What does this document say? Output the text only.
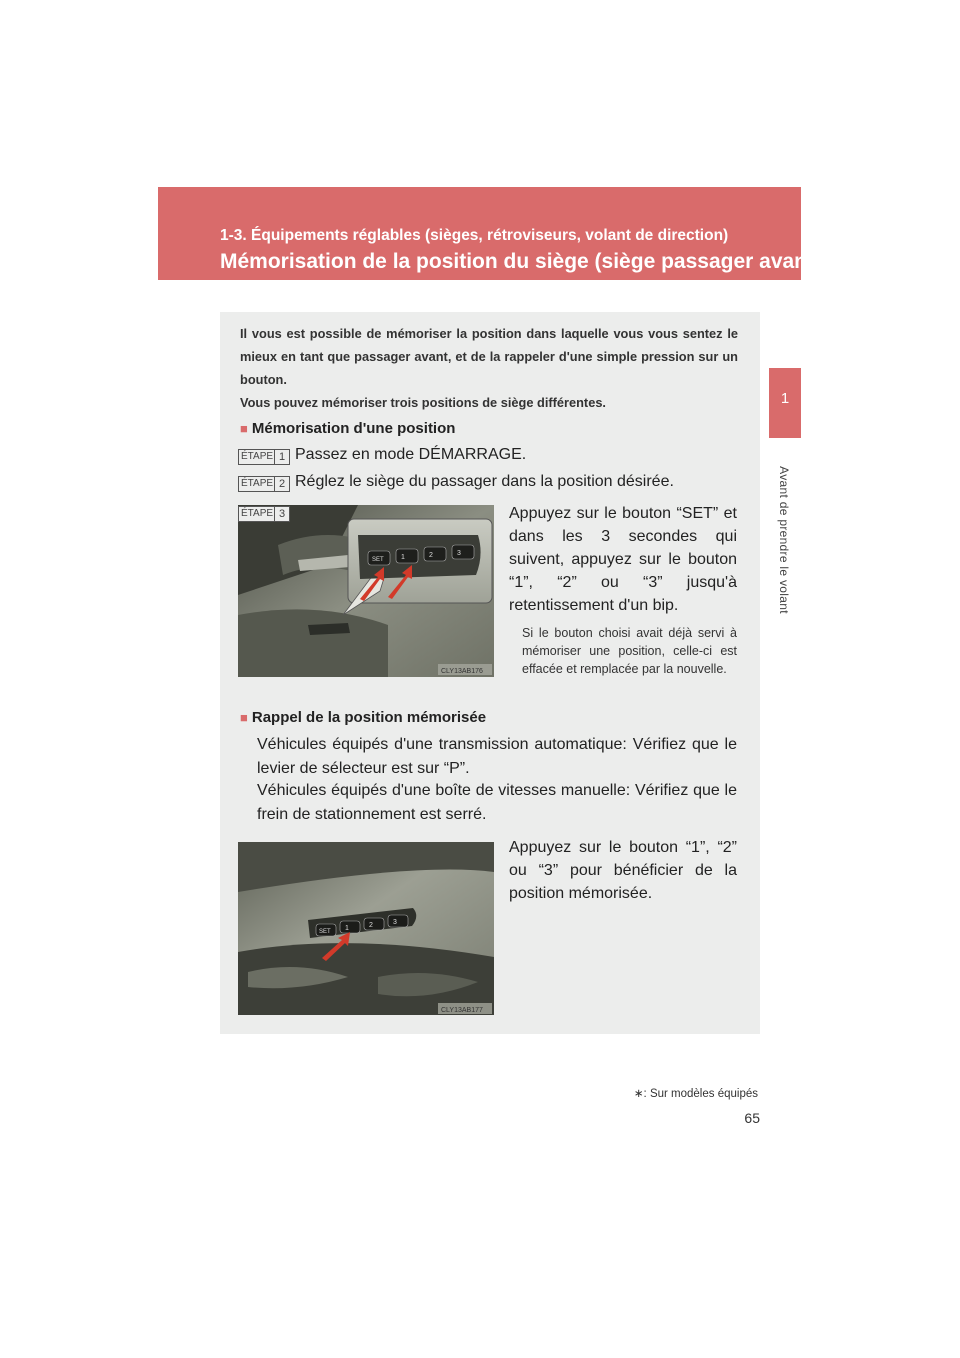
1-3. Équipements réglables (sièges, rétroviseurs, volant de direction)
Mémorisation de la position du siège (siège passager avant) ∗
1
Avant de prendre le volant

Il vous est possible de mémoriser la position dans laquelle vous vous sentez le mieux en tant que passager avant, et de la rappeler d'une simple pression sur un bouton.

Vous pouvez mémoriser trois positions de siège différentes.

■ Mémorisation d'une position
ÉTAPE 1 Passez en mode DÉMARRAGE.
ÉTAPE 2 Réglez le siège du passager dans la position désirée.
SET 1	2	3
CLY13AB176
ÉTAPE 3	Appuyez sur le bouton “SET” et dans les 3 secondes qui suivent, appuyez sur le bouton “1”, “2” ou “3” jusqu'à retentissement d'un bip.
Si le bouton choisi avait déjà servi à mémoriser une position, celle-ci est effacée et remplacée par la nouvelle.
■ Rappel de la position mémorisée
Véhicules équipés d'une transmission automatique: Vérifiez que le levier de sélecteur est sur “P”.
Véhicules équipés d'une boîte de vitesses manuelle: Vérifiez que le frein de stationnement est serré.
SET 1	2	3
CLY13AB177
Appuyez sur le bouton “1”, “2” ou “3” pour bénéficier de la position mémorisée.
∗: Sur modèles équipés
65
